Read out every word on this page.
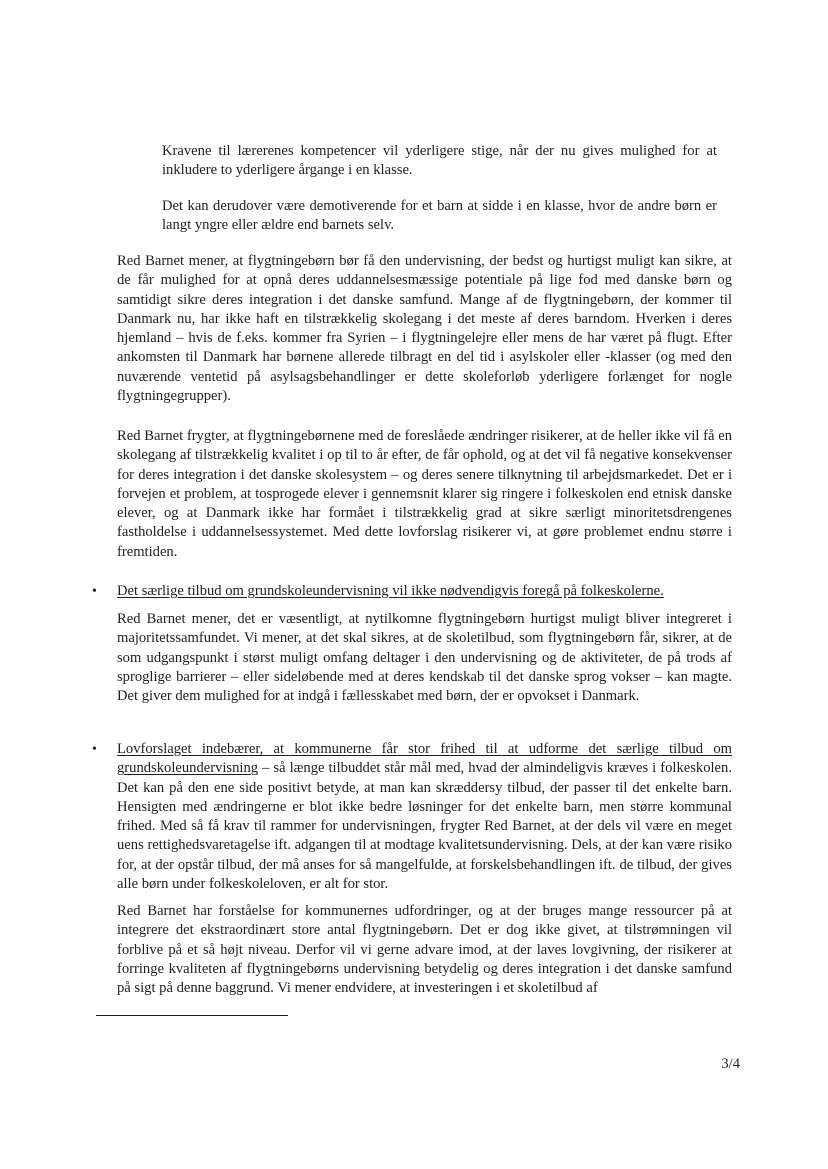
Kravene til lærerenes kompetencer vil yderligere stige, når der nu gives mulighed for at inkludere to yderligere årgange i en klasse.

Det kan derudover være demotiverende for et barn at sidde i en klasse, hvor de andre børn er langt yngre eller ældre end barnets selv.

Red Barnet mener, at flygtningebørn bør få den undervisning, der bedst og hurtigst muligt kan sikre, at de får mulighed for at opnå deres uddannelsesmæssige potentiale på lige fod med danske børn og samtidigt sikre deres integration i det danske samfund. Mange af de flygtningebørn, der kommer til Danmark nu, har ikke haft en tilstrækkelig skolegang i det meste af deres barndom. Hverken i deres hjemland – hvis de f.eks. kommer fra Syrien – i flygtningelejre eller mens de har været på flugt. Efter ankomsten til Danmark har børnene allerede tilbragt en del tid i asylskoler eller -klasser (og med den nuværende ventetid på asylsagsbehandlinger er dette skoleforløb yderligere forlænget for nogle flygtningegrupper).

Red Barnet frygter, at flygtningebørnene med de foreslåede ændringer risikerer, at de heller ikke vil få en skolegang af tilstrækkelig kvalitet i op til to år efter, de får ophold, og at det vil få negative konsekvenser for deres integration i det danske skolesystem – og deres senere tilknytning til arbejdsmarkedet. Det er i forvejen et problem, at tosprogede elever i gennemsnit klarer sig ringere i folkeskolen end etnisk danske elever, og at Danmark ikke har formået i tilstrækkelig grad at sikre særligt minoritetsdrengenes fastholdelse i uddannelsessystemet. Med dette lovforslag risikerer vi, at gøre problemet endnu større i fremtiden.

•	Det særlige tilbud om grundskoleundervisning vil ikke nødvendigvis foregå på folkeskolerne.

Red Barnet mener, det er væsentligt, at nytilkomne flygtningebørn hurtigst muligt bliver integreret i majoritetssamfundet. Vi mener, at det skal sikres, at de skoletilbud, som flygtningebørn får, sikrer, at de som udgangspunkt i størst muligt omfang deltager i den undervisning og de aktiviteter, de på trods af sproglige barrierer – eller sideløbende med at deres kendskab til det danske sprog vokser – kan magte. Det giver dem mulighed for at indgå i fællesskabet med børn, der er opvokset i Danmark.

•	Lovforslaget indebærer, at kommunerne får stor frihed til at udforme det særlige tilbud om grundskoleundervisning – så længe tilbuddet står mål med, hvad der almindeligvis kræves i folkeskolen. Det kan på den ene side positivt betyde, at man kan skræddersy tilbud, der passer til det enkelte barn. Hensigten med ændringerne er blot ikke bedre løsninger for det enkelte barn, men større kommunal frihed. Med så få krav til rammer for undervisningen, frygter Red Barnet, at der dels vil være en meget uens rettighedsvaretagelse ift. adgangen til at modtage kvalitetsundervisning. Dels, at der kan være risiko for, at der opstår tilbud, der må anses for så mangelfulde, at forskelsbehandlingen ift. de tilbud, der gives alle børn under folkeskoleloven, er alt for stor.

Red Barnet har forståelse for kommunernes udfordringer, og at der bruges mange ressourcer på at integrere det ekstraordinært store antal flygtningebørn. Det er dog ikke givet, at tilstrømningen vil forblive på et så højt niveau. Derfor vil vi gerne advare imod, at der laves lovgivning, der risikerer at forringe kvaliteten af flygtningebørns undervisning betydelig og deres integration i det danske samfund på sigt på denne baggrund. Vi mener endvidere, at investeringen i et skoletilbud af

3/4
